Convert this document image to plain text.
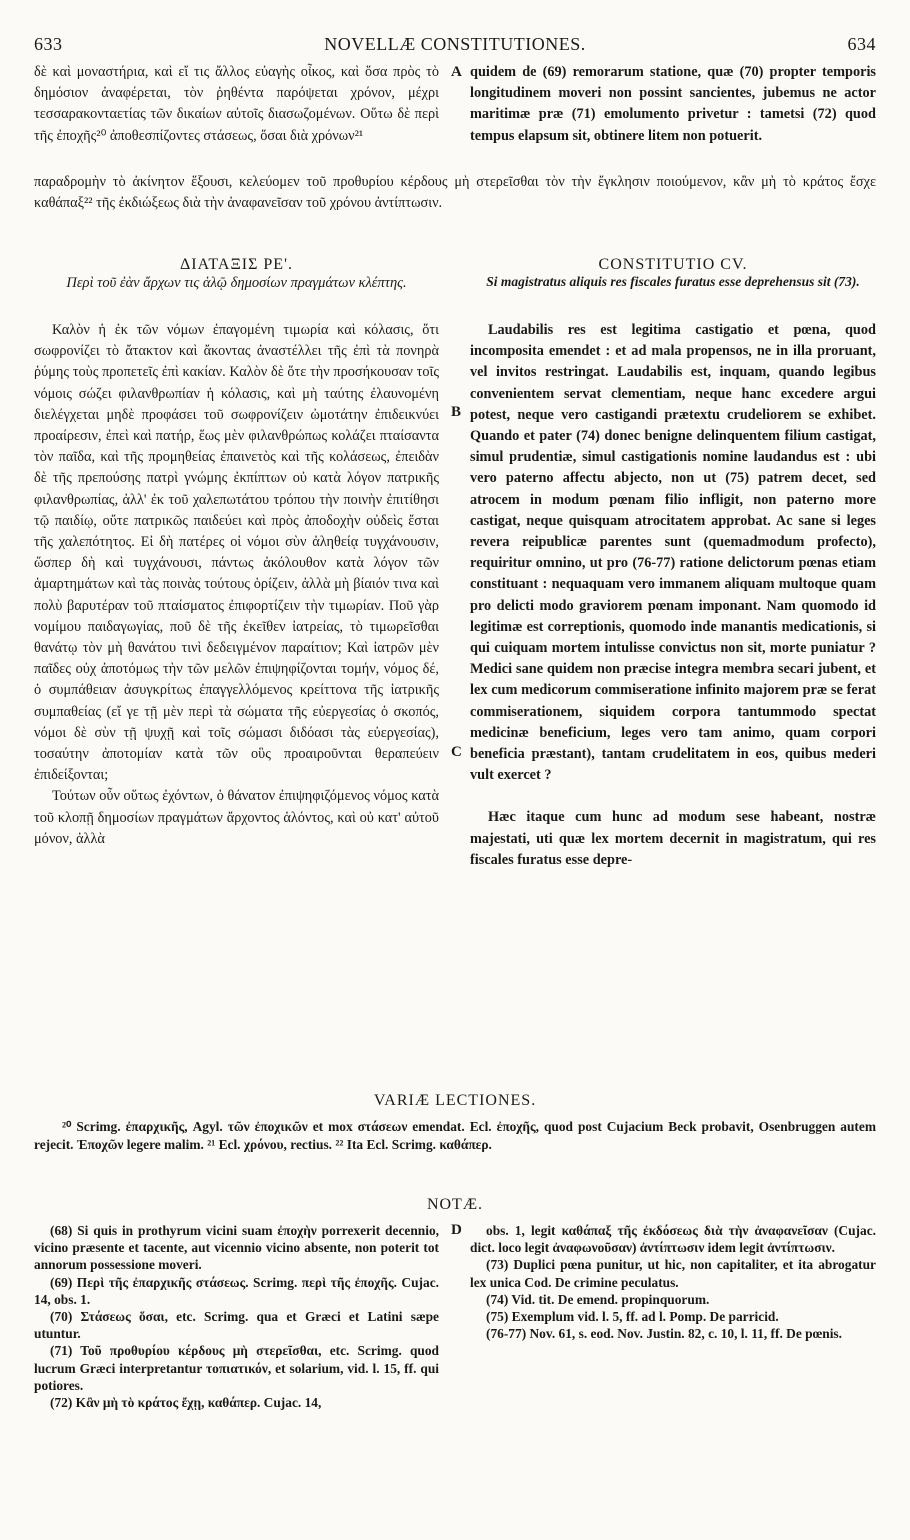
633	NOVELLÆ CONSTITUTIONES.	634

δὲ καὶ μοναστήρια, καὶ εἴ τις ἄλλος εὐαγὴς οἶκος, καὶ ὅσα πρὸς τὸ δημόσιον ἀναφέρεται, τὸν ῥηθέντα παρόψεται χρόνον, μέχρι τεσσαρακονταετίας τῶν δικαίων αὐτοῖς διασωζομένων. Οὕτω δὲ περὶ τῆς ἐποχῆς²⁰ ἀποθεσπίζοντες στάσεως, ὅσαι διὰ χρόνων²¹

quidem de (69) remorarum statione, quæ (70) propter temporis longitudinem moveri non possint sancientes, jubemus ne actor maritimæ præ (71) emolumento privetur : tametsi (72) quod tempus elapsum sit, obtinere litem non potuerit.

A
παραδρομὴν τὸ ἀκίνητον ἕξουσι, κελεύομεν τοῦ προθυρίου κέρδους μὴ στερεῖσθαι τὸν τὴν ἔγκλησιν ποιούμενον, κἂν μὴ τὸ κράτος ἔσχε καθάπαξ²² τῆς ἐκδιώξεως διὰ τὴν ἀναφανεῖσαν τοῦ χρόνου ἀντίπτωσιν.
ΔΙΑΤΑΞΙΣ ΡΕ'.
Περὶ τοῦ ἐὰν ἄρχων τις ἁλῷ δημοσίων πραγμάτων κλέπτης.
CONSTITUTIO CV.
Si magistratus aliquis res fiscales furatus esse deprehensus sit (73).

Καλὸν ἡ ἐκ τῶν νόμων ἐπαγομένη τιμωρία καὶ κόλασις, ὅτι σωφρονίζει τὸ ἄτακτον καὶ ἄκοντας ἀναστέλλει τῆς ἐπὶ τὰ πονηρὰ ῥύμης τοὺς προπετεῖς ἐπὶ κακίαν. Καλὸν δὲ ὅτε τὴν προσήκουσαν τοῖς νόμοις σώζει φιλανθρωπίαν ἡ κόλασις, καὶ μὴ ταύτης ἐλαυνομένη διελέγχεται μηδὲ προφάσει τοῦ σωφρονίζειν ὠμοτάτην ἐπιδεικνύει προαίρεσιν, ἐπεὶ καὶ πατήρ, ἕως μὲν φιλανθρώπως κολάζει πταίσαντα τὸν παῖδα, καὶ τῆς προμηθείας ἐπαινετὸς καὶ τῆς κολάσεως, ἐπειδὰν δὲ τῆς πρεπούσης πατρὶ γνώμης ἐκπίπτων οὐ κατὰ λόγον πατρικῆς φιλανθρωπίας, ἀλλ' ἐκ τοῦ χαλεπωτάτου τρόπου τὴν ποινὴν ἐπιτίθησι τῷ παιδίῳ, οὔτε πατρικῶς παιδεύει καὶ πρὸς ἀποδοχὴν οὐδεὶς ἔσται τῆς χαλεπότητος. Εἰ δὴ πατέρες οἱ νόμοι σὺν ἀληθείᾳ τυγχάνουσιν, ὥσπερ δὴ καὶ τυγχάνουσι, πάντως ἀκόλουθον κατὰ λόγον τῶν ἁμαρτημάτων καὶ τὰς ποινὰς τούτους ὁρίζειν, ἀλλὰ μὴ βίαιόν τινα καὶ πολὺ βαρυτέραν τοῦ πταίσματος ἐπιφορτίζειν τὴν τιμωρίαν. Ποῦ γὰρ νομίμου παιδαγωγίας, ποῦ δὲ τῆς ἐκεῖθεν ἰατρείας, τὸ τιμωρεῖσθαι θανάτῳ τὸν μὴ θανάτου τινὶ δεδειγμένον παραίτιον; Καὶ ἰατρῶν μὲν παῖδες οὐχ ἀποτόμως τὴν τῶν μελῶν ἐπιψηφίζονται τομήν, νόμος δέ, ὁ συμπάθειαν ἀσυγκρίτως ἐπαγγελλόμενος κρείττονα τῆς ἰατρικῆς συμπαθείας (εἴ γε τῇ μὲν περὶ τὰ σώματα τῆς εὐεργεσίας ὁ σκοπός, νόμοι δὲ σὺν τῇ ψυχῇ καὶ τοῖς σώμασι διδόασι τὰς εὐεργεσίας), τοσαύτην ἀποτομίαν κατὰ τῶν οὓς προαιροῦνται θεραπεύειν ἐπιδείξονται;

Τούτων οὖν οὕτως ἐχόντων, ὁ θάνατον ἐπιψηφιζόμενος νόμος κατὰ τοῦ κλοπῇ δημοσίων πραγμάτων ἄρχοντος ἁλόντος, καὶ οὐ κατ' αὐτοῦ μόνον, ἀλλὰ

Laudabilis res est legitima castigatio et pœna, quod incomposita emendet : et ad mala propensos, ne in illa proruant, vel invitos restringat. Laudabilis est, inquam, quando legibus convenientem servat clementiam, neque hanc excedere argui potest, neque vero castigandi prætextu crudeliorem se exhibet. Quando et pater (74) donec benigne delinquentem filium castigat, simul prudentiæ, simul castigationis nomine laudandus est : ubi vero paterno affectu abjecto, non ut (75) patrem decet, sed atrocem in modum pœnam filio infligit, non paterno more castigat, neque quisquam atrocitatem approbat. Ac sane si leges revera reipublicæ parentes sunt (quemadmodum profecto), requiritur omnino, ut pro (76-77) ratione delictorum pœnas etiam constituant : nequaquam vero immanem aliquam multoque quam pro delicti modo graviorem pœnam imponant. Nam quomodo id legitimæ est correptionis, quomodo inde manantis medicationis, si qui cuiquam mortem intulisse convictus non sit, morte puniatur ? Medici sane quidem non præcise integra membra secari jubent, et lex cum medicorum commiseratione infinito majorem præ se ferat commiserationem, siquidem corpora tantummodo spectat medicinæ beneficium, leges vero tam animo, quam corpori beneficia præstant), tantam crudelitatem in eos, quibus mederi vult exercet ?

Hæc itaque cum hunc ad modum sese habeant, nostræ majestati, uti quæ lex mortem decernit in magistratum, qui res fiscales furatus esse depre-

B
C
VARIÆ LECTIONES.
²⁰ Scrimg. ἐπαρχικῆς, Agyl. τῶν ἐποχικῶν et mox στάσεων emendat. Ecl. ἐποχῆς, quod post Cujacium Beck probavit, Osenbruggen autem rejecit. Ἐποχῶν legere malim. ²¹ Ecl. χρόνου, rectius. ²² Ita Ecl. Scrimg. καθάπερ.
NOTÆ.

(68) Si quis in prothyrum vicini suam ἐποχὴν porrexerit decennio, vicino præsente et tacente, aut vicennio vicino absente, non poterit tot annorum possessione moveri.

(69) Περὶ τῆς ἐπαρχικῆς στάσεως. Scrimg. περὶ τῆς ἐποχῆς. Cujac. 14, obs. 1.

(70) Στάσεως ὅσαι, etc. Scrimg. qua et Græci et Latini sæpe utuntur.

(71) Τοῦ προθυρίου κέρδους μὴ στερεῖσθαι, etc. Scrimg. quod lucrum Græci interpretantur τοπιατικόν, et solarium, vid. l. 15, ff. qui potiores.

(72) Κἂν μὴ τὸ κράτος ἔχῃ, καθάπερ. Cujac. 14,

D	obs. 1, legit καθάπαξ τῆς ἐκδόσεως διὰ τὴν ἀναφανεῖσαν (Cujac. dict. loco legit ἀναφωνοῦσαν) ἀντίπτωσιν idem legit ἀντίπτωσιν.

(73) Duplici pœna punitur, ut hic, non capitaliter, et ita abrogatur lex unica Cod. De crimine peculatus.

(74) Vid. tit. De emend. propinquorum.

(75) Exemplum vid. l. 5, ff. ad l. Pomp. De parricid.

(76-77) Nov. 61, s. eod. Nov. Justin. 82, c. 10, l. 11, ff. De pœnis.
